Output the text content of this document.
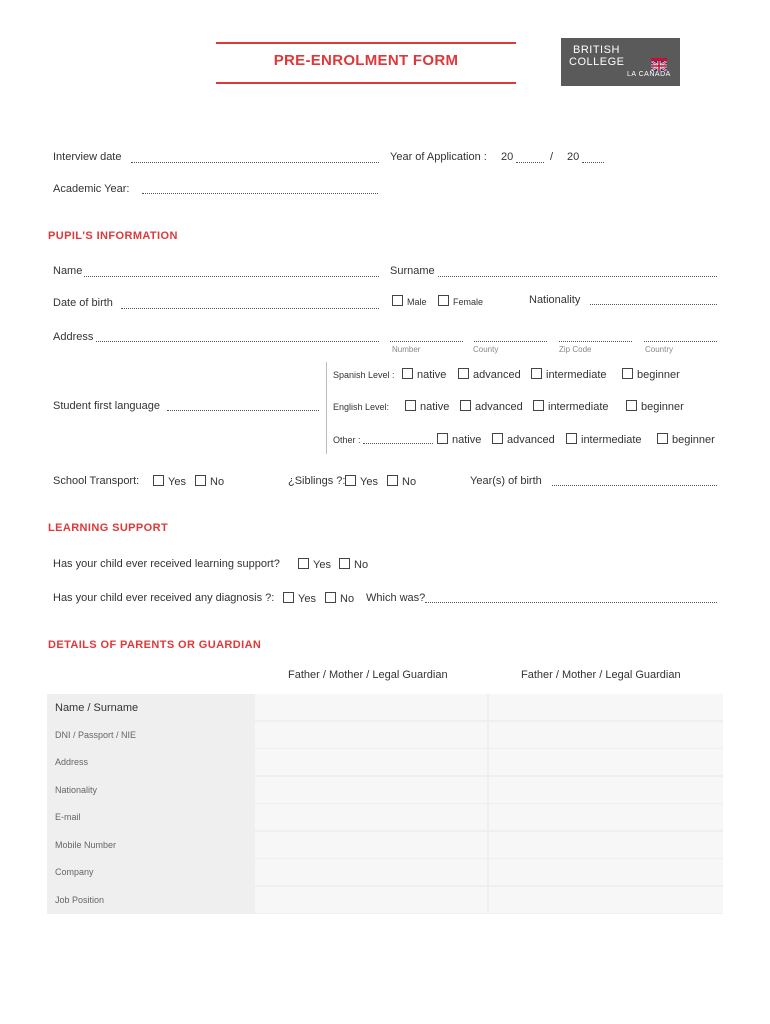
PRE-ENROLMENT FORM
BRITISH
COLLEGE
LA CAÑADA
Interview date	Year of Application : 20	/ 20
Academic Year:
PUPIL'S INFORMATION
Name	Surname
Date of birth	Male	Female	Nationality
Address
Number	County	Zip Code	Country
Student first language
Spanish Level :	native	advanced	intermediate	beginner
English Level:	native	advanced	intermediate	beginner
Other :	native	advanced	intermediate	beginner
School Transport:	Yes	No	¿Siblings ?:	Yes	No	Year(s) of birth
LEARNING SUPPORT
Has your child ever received learning support?	Yes	No
Has your child ever received any diagnosis ?:	Yes	No Which was?
DETAILS OF PARENTS OR GUARDIAN
Father / Mother / Legal Guardian	Father / Mother / Legal Guardian
Name / Surname
DNI / Passport / NIE
Address
Nationality
E-mail
Mobile Number
Company
Job Position
